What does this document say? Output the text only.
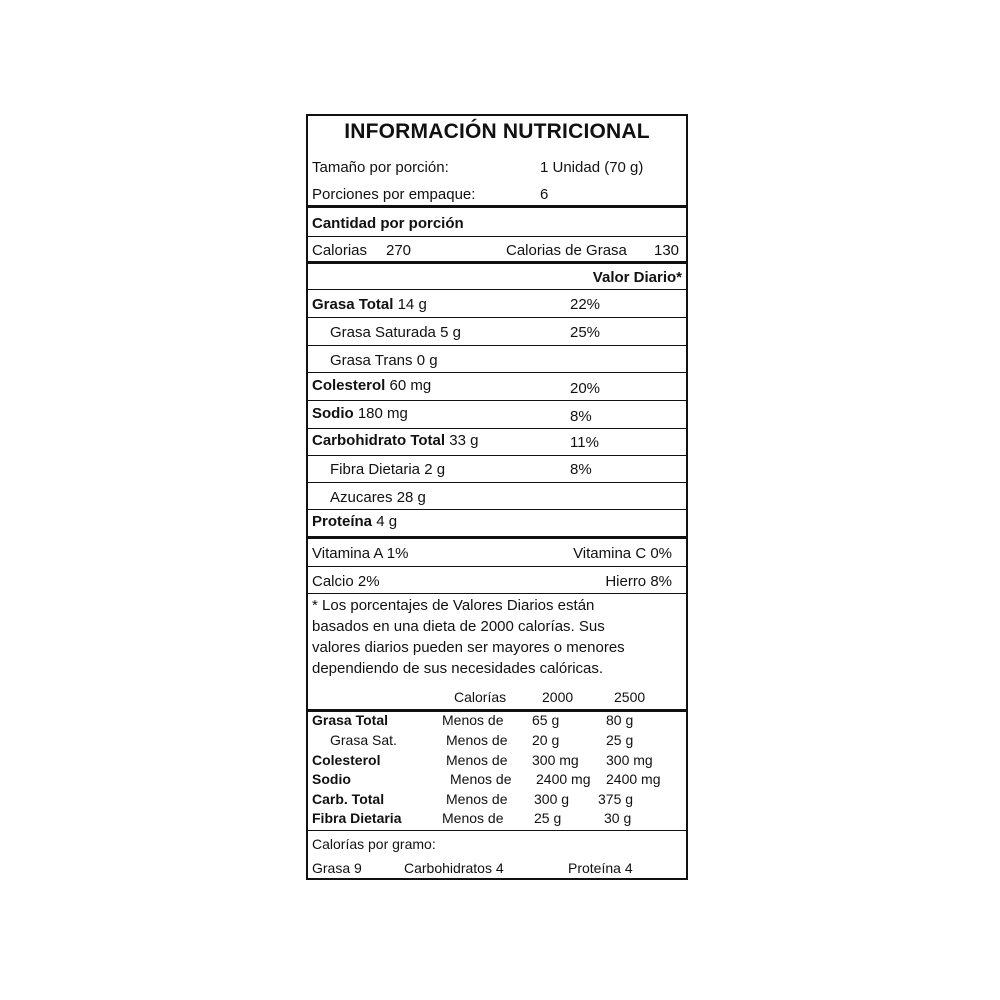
INFORMACIÓN NUTRICIONAL
Tamaño por porción:	1 Unidad (70 g)
Porciones por empaque:	6
Cantidad por porción
Calorias 270	Calorias de Grasa 130
Valor Diario*
Grasa Total 14 g	22%
Grasa Saturada 5 g	25%
Grasa Trans 0 g
Colesterol 60 mg	20%
Sodio 180 mg	8%
Carbohidrato Total 33 g	11%
Fibra Dietaria 2 g	8%
Azucares 28 g
Proteína 4 g
Vitamina A 1%	Vitamina C 0%
Calcio 2%	Hierro 8%
* Los porcentajes de Valores Diarios están
basados en una dieta de 2000 calorías. Sus
valores diarios pueden ser mayores o menores
dependiendo de sus necesidades calóricas.
Calorías	2000	2500
Grasa Total	Menos de 65 g	80 g
Grasa Sat.	Menos de 20 g	25 g
Colesterol	Menos de 300 mg 300 mg
Sodio	Menos de 2400 mg 2400 mg
Carb. Total	Menos de 300 g 375 g
Fibra Dietaria	Menos de 25 g	30 g
Calorías por gramo:
Grasa 9	Carbohidratos 4	Proteína 4
